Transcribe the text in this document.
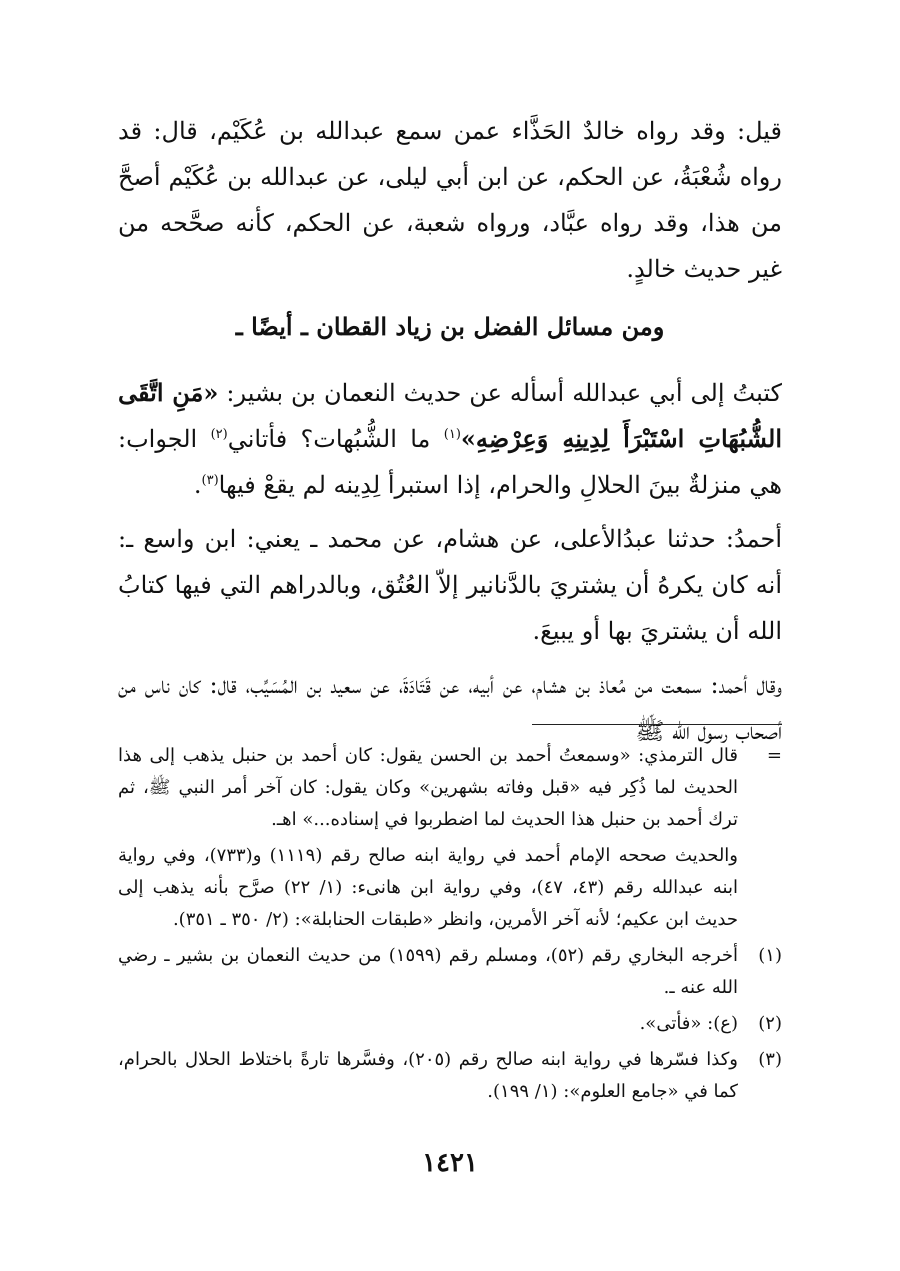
قيل: وقد رواه خالدٌ الحَذَّاء عمن سمع عبدالله بن عُكَيْم، قال: قد رواه شُعْبَةُ، عن الحكم، عن ابن أبي ليلى، عن عبدالله بن عُكَيْم أصحَّ من هذا، وقد رواه عبَّاد، ورواه شعبة، عن الحكم، كأنه صحَّحه من غير حديث خالدٍ.

ومن مسائل الفضل بن زياد القطان ـ أيضًا ـ

كتبتُ إلى أبي عبدالله أسأله عن حديث النعمان بن بشير: «مَنِ اتَّقَى الشُّبُهَاتِ اسْتَبْرَأَ لِدِينِهِ وَعِرْضِهِ»$^{(١)}$ ما الشُّبُهات؟ فأتاني$^{(٢)}$ الجواب: هي منزلةٌ بينَ الحلالِ والحرام، إذا استبرأ لِدِينه لم يقعْ فيها$^{(٣)}$.

أحمدُ: حدثنا عبدُالأعلى، عن هشام، عن محمد ـ يعني: ابن واسع ـ: أنه كان يكرهُ أن يشتريَ بالدَّنانير إلاّ العُتُق، وبالدراهم التي فيها كتابُ الله أن يشتريَ بها أو يبيعَ.

وقال أحمد: سمعت من مُعاذ بن هشام، عن أبيه، عن قَتَادَةَ، عن سعيد بن المُسَيِّب، قال: كان ناس من أصحاب رسول الله ﷺ

=
قال الترمذي: «وسمعتُ أحمد بن الحسن يقول: كان أحمد بن حنبل يذهب إلى هذا الحديث لما ذُكِر فيه «قبل وفاته بشهرين» وكان يقول: كان آخر أمر النبي ﷺ، ثم ترك أحمد بن حنبل هذا الحديث لما اضطربوا في إسناده...» اهـ.
والحديث صححه الإمام أحمد في رواية ابنه صالح رقم (١١١٩) و(٧٣٣)، وفي رواية ابنه عبدالله رقم (٤٣، ٤٧)، وفي رواية ابن هانىء: (١/ ٢٢) صرَّح بأنه يذهب إلى حديث ابن عكيم؛ لأنه آخر الأمرين، وانظر «طبقات الحنابلة»: (٢/ ٣٥٠ ـ ٣٥١).
(١)
أخرجه البخاري رقم (٥٢)، ومسلم رقم (١٥٩٩) من حديث النعمان بن بشير ـ رضي الله عنه ـ.
(٢)
(ع): «فأتى».
(٣)
وكذا فسّرها في رواية ابنه صالح رقم (٢٠٥)، وفسَّرها تارةً باختلاط الحلال بالحرام، كما في «جامع العلوم»: (١/ ١٩٩).
١٤٢١
